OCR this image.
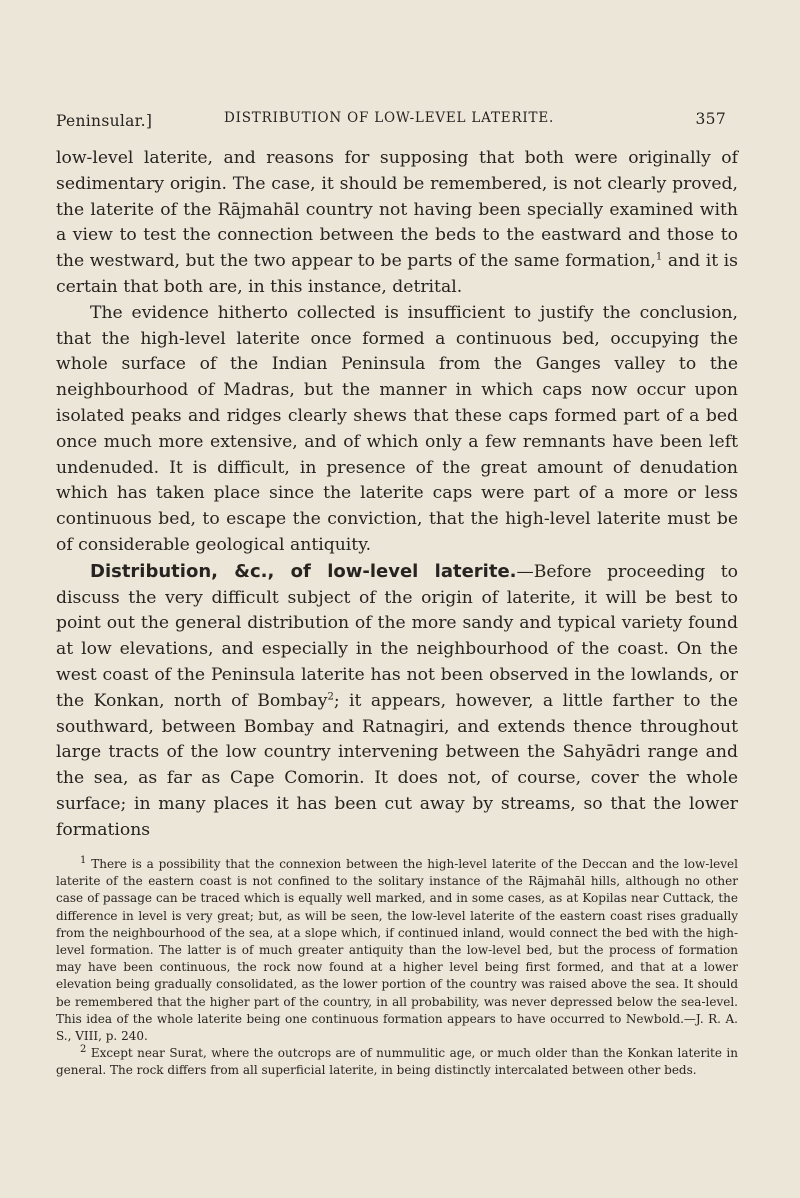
Peninsular.]	DISTRIBUTION OF LOW-LEVEL LATERITE.	357

low-level laterite, and reasons for supposing that both were originally of sedimentary origin. The case, it should be remembered, is not clearly proved, the laterite of the Rājmahāl country not having been specially examined with a view to test the connection between the beds to the eastward and those to the westward, but the two appear to be parts of the same formation,$^1$ and it is certain that both are, in this instance, detrital.

The evidence hitherto collected is insufficient to justify the conclusion, that the high-level laterite once formed a continuous bed, occupying the whole surface of the Indian Peninsula from the Ganges valley to the neighbourhood of Madras, but the manner in which caps now occur upon isolated peaks and ridges clearly shews that these caps formed part of a bed once much more extensive, and of which only a few remnants have been left undenuded. It is difficult, in presence of the great amount of denudation which has taken place since the laterite caps were part of a more or less continuous bed, to escape the conviction, that the high-level laterite must be of considerable geological antiquity.

Distribution, &c., of low-level laterite.—Before proceeding to discuss the very difficult subject of the origin of laterite, it will be best to point out the general distribution of the more sandy and typical variety found at low elevations, and especially in the neighbourhood of the coast. On the west coast of the Peninsula laterite has not been observed in the lowlands, or the Konkan, north of Bombay$^2$; it appears, however, a little farther to the southward, between Bombay and Ratnagiri, and extends thence throughout large tracts of the low country intervening between the Sahyādri range and the sea, as far as Cape Comorin. It does not, of course, cover the whole surface; in many places it has been cut away by streams, so that the lower formations

$^1$ There is a possibility that the connexion between the high-level laterite of the Deccan and the low-level laterite of the eastern coast is not confined to the solitary instance of the Rājmahāl hills, although no other case of passage can be traced which is equally well marked, and in some cases, as at Kopilas near Cuttack, the difference in level is very great; but, as will be seen, the low-level laterite of the eastern coast rises gradually from the neighbourhood of the sea, at a slope which, if continued inland, would connect the bed with the high-level formation. The latter is of much greater antiquity than the low-level bed, but the process of formation may have been continuous, the rock now found at a higher level being first formed, and that at a lower elevation being gradually consolidated, as the lower portion of the country was raised above the sea. It should be remembered that the higher part of the country, in all probability, was never depressed below the sea-level. This idea of the whole laterite being one continuous formation appears to have occurred to Newbold.—J. R. A. S., VIII, p. 240.

$^2$ Except near Surat, where the outcrops are of nummulitic age, or much older than the Konkan laterite in general. The rock differs from all superficial laterite, in being distinctly intercalated between other beds.
